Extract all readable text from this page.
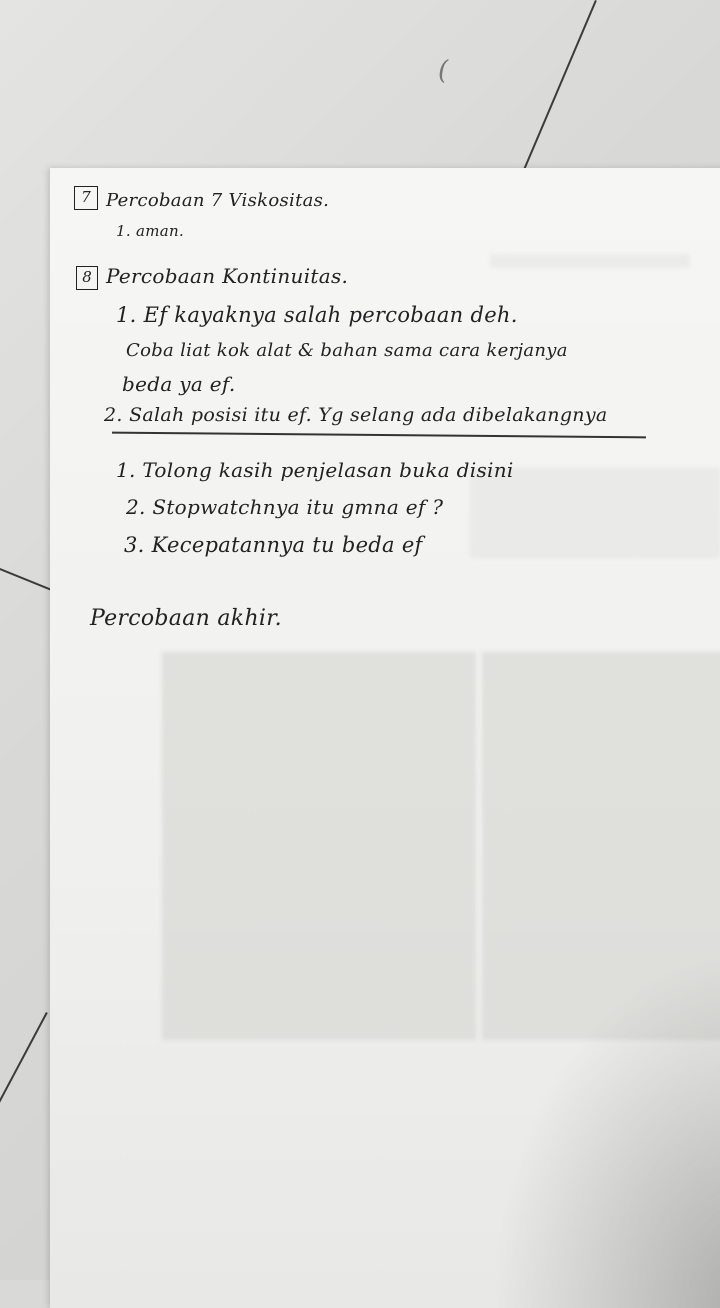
(
7 Percobaan 7 Viskositas.
1. aman.
8 Percobaan Kontinuitas.
1. Ef kayaknya salah percobaan deh.
Coba liat kok alat & bahan sama cara kerjanya
beda ya ef.
2. Salah posisi itu ef. Yg selang ada dibelakangnya
1. Tolong kasih penjelasan buka disini
2. Stopwatchnya itu gmna ef ?
3. Kecepatannya tu beda ef
Percobaan akhir.
